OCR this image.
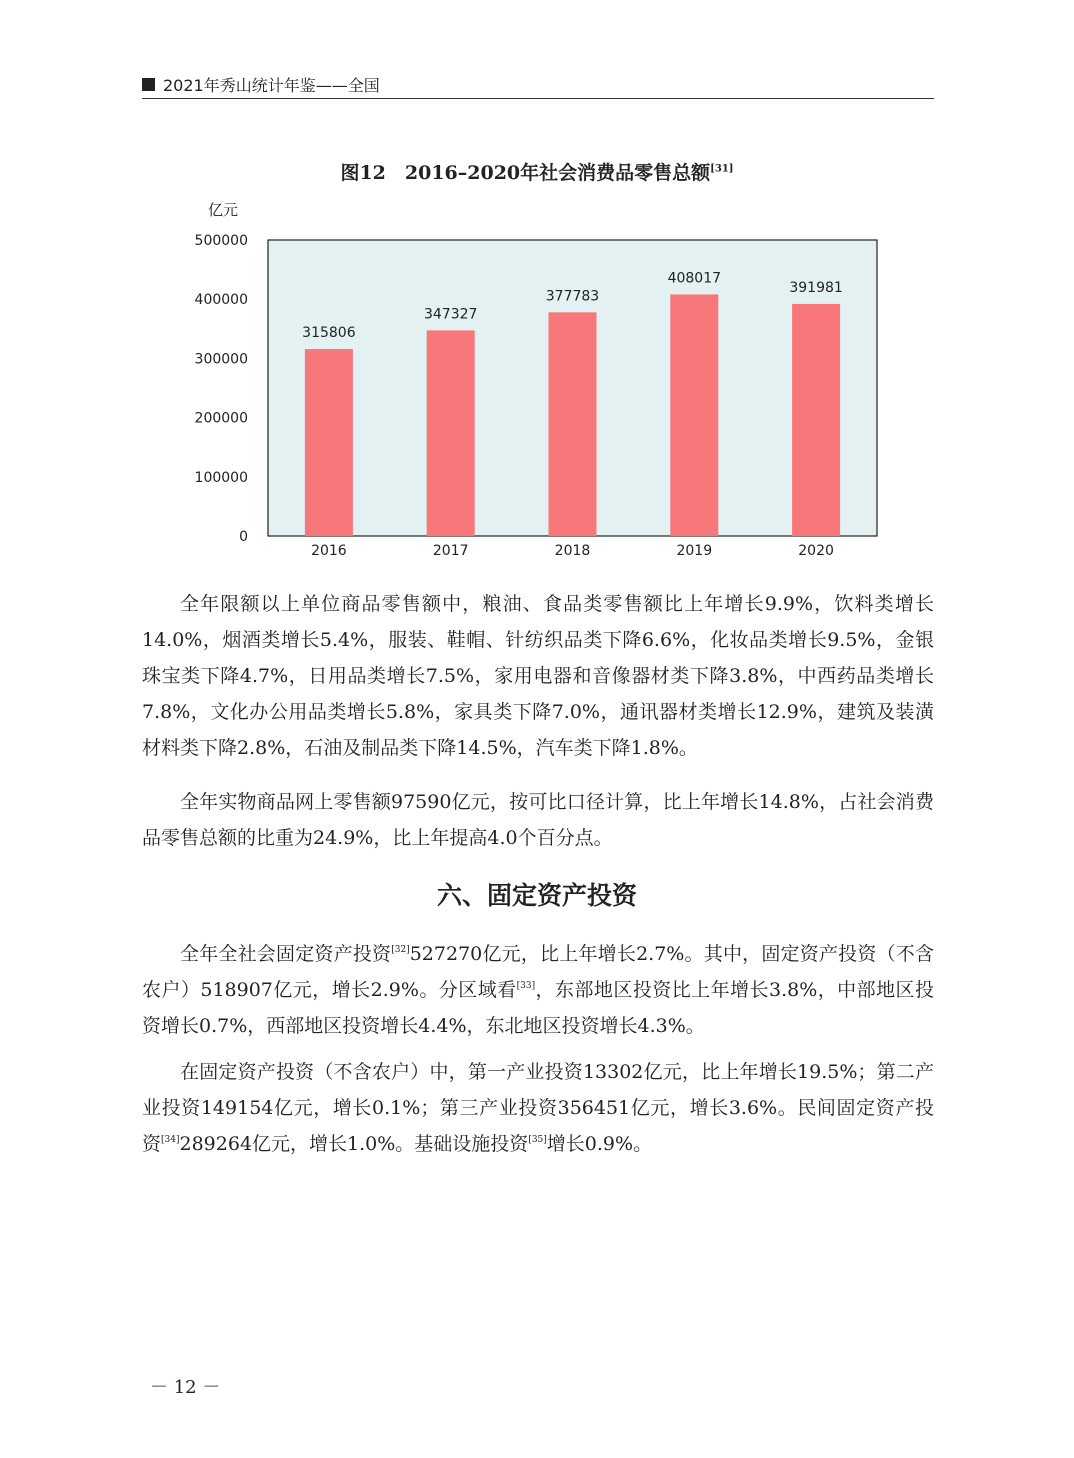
2021年秀山统计年鉴——全国
图12　2016–2020年社会消费品零售总额[31]
亿元
0
100000
200000
300000
400000
500000
315806
347327
377783
408017
391981
2016	2017	2018	2019	2020

全年限额以上单位商品零售额中，粮油、食品类零售额比上年增长9.9%，饮料类增长14.0%，烟酒类增长5.4%，服装、鞋帽、针纺织品类下降6.6%，化妆品类增长9.5%，金银珠宝类下降4.7%，日用品类增长7.5%，家用电器和音像器材类下降3.8%，中西药品类增长7.8%，文化办公用品类增长5.8%，家具类下降7.0%，通讯器材类增长12.9%，建筑及装潢材料类下降2.8%，石油及制品类下降14.5%，汽车类下降1.8%。

全年实物商品网上零售额97590亿元，按可比口径计算，比上年增长14.8%，占社会消费品零售总额的比重为24.9%，比上年提高4.0个百分点。

六、固定资产投资

全年全社会固定资产投资[32]527270亿元，比上年增长2.7%。其中，固定资产投资（不含农户）518907亿元，增长2.9%。分区域看[33]，东部地区投资比上年增长3.8%，中部地区投资增长0.7%，西部地区投资增长4.4%，东北地区投资增长4.3%。

在固定资产投资（不含农户）中，第一产业投资13302亿元，比上年增长19.5%；第二产业投资149154亿元，增长0.1%；第三产业投资356451亿元，增长3.6%。民间固定资产投资[34]289264亿元，增长1.0%。基础设施投资[35]增长0.9%。

－ 12 －
